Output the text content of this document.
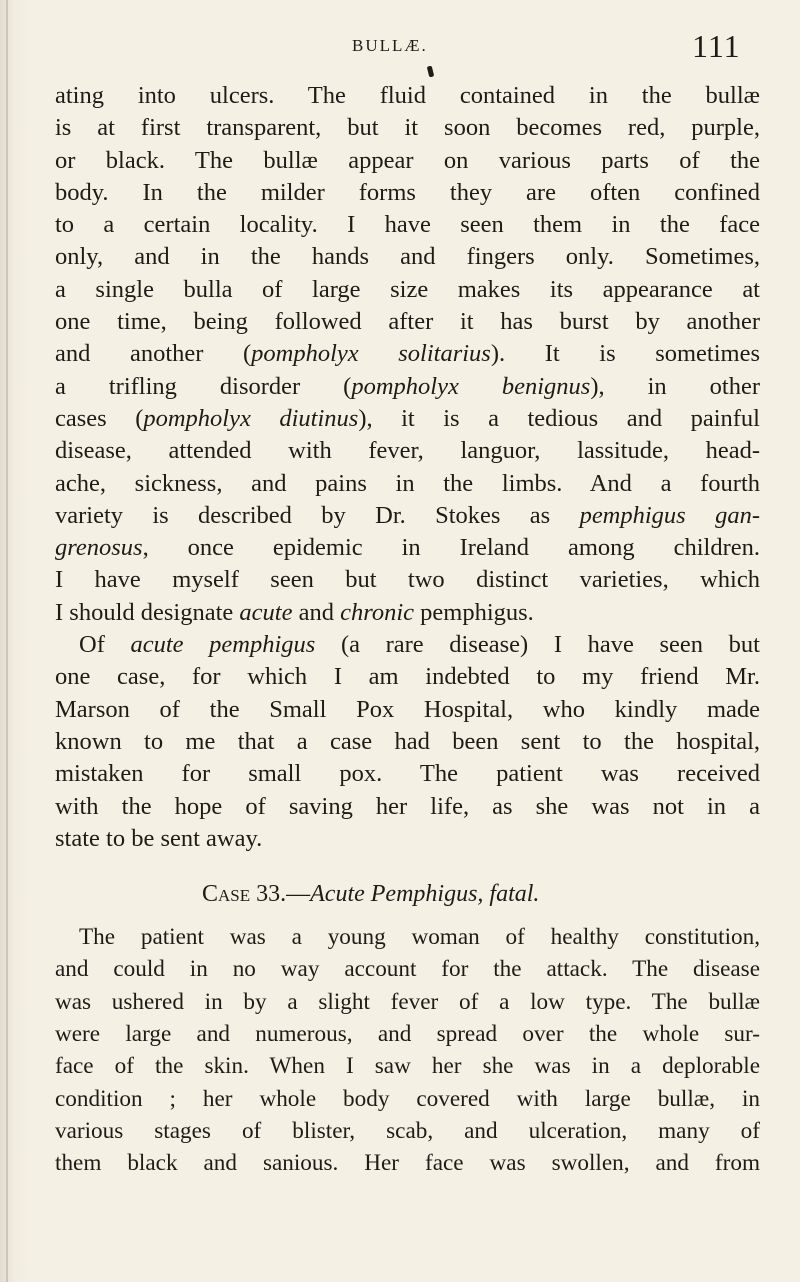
BULLÆ.	111
ating into ulcers. The fluid contained in the bullæ
is at first transparent, but it soon becomes red, purple,
or black. The bullæ appear on various parts of the
body. In the milder forms they are often confined
to a certain locality. I have seen them in the face
only, and in the hands and fingers only. Sometimes,
a single bulla of large size makes its appearance at
one time, being followed after it has burst by another
and another (pompholyx solitarius). It is sometimes
a trifling disorder (pompholyx benignus), in other
cases (pompholyx diutinus), it is a tedious and painful
disease, attended with fever, languor, lassitude, head-
ache, sickness, and pains in the limbs. And a fourth
variety is described by Dr. Stokes as pemphigus gan-
grenosus, once epidemic in Ireland among children.
I have myself seen but two distinct varieties, which
I should designate acute and chronic pemphigus.
Of acute pemphigus (a rare disease) I have seen but
one case, for which I am indebted to my friend Mr.
Marson of the Small Pox Hospital, who kindly made
known to me that a case had been sent to the hospital,
mistaken for small pox. The patient was received
with the hope of saving her life, as she was not in a
state to be sent away.
Case 33.—Acute Pemphigus, fatal.
The patient was a young woman of healthy constitution,
and could in no way account for the attack. The disease
was ushered in by a slight fever of a low type. The bullæ
were large and numerous, and spread over the whole sur-
face of the skin. When I saw her she was in a deplorable
condition ; her whole body covered with large bullæ, in
various stages of blister, scab, and ulceration, many of
them black and sanious. Her face was swollen, and from
